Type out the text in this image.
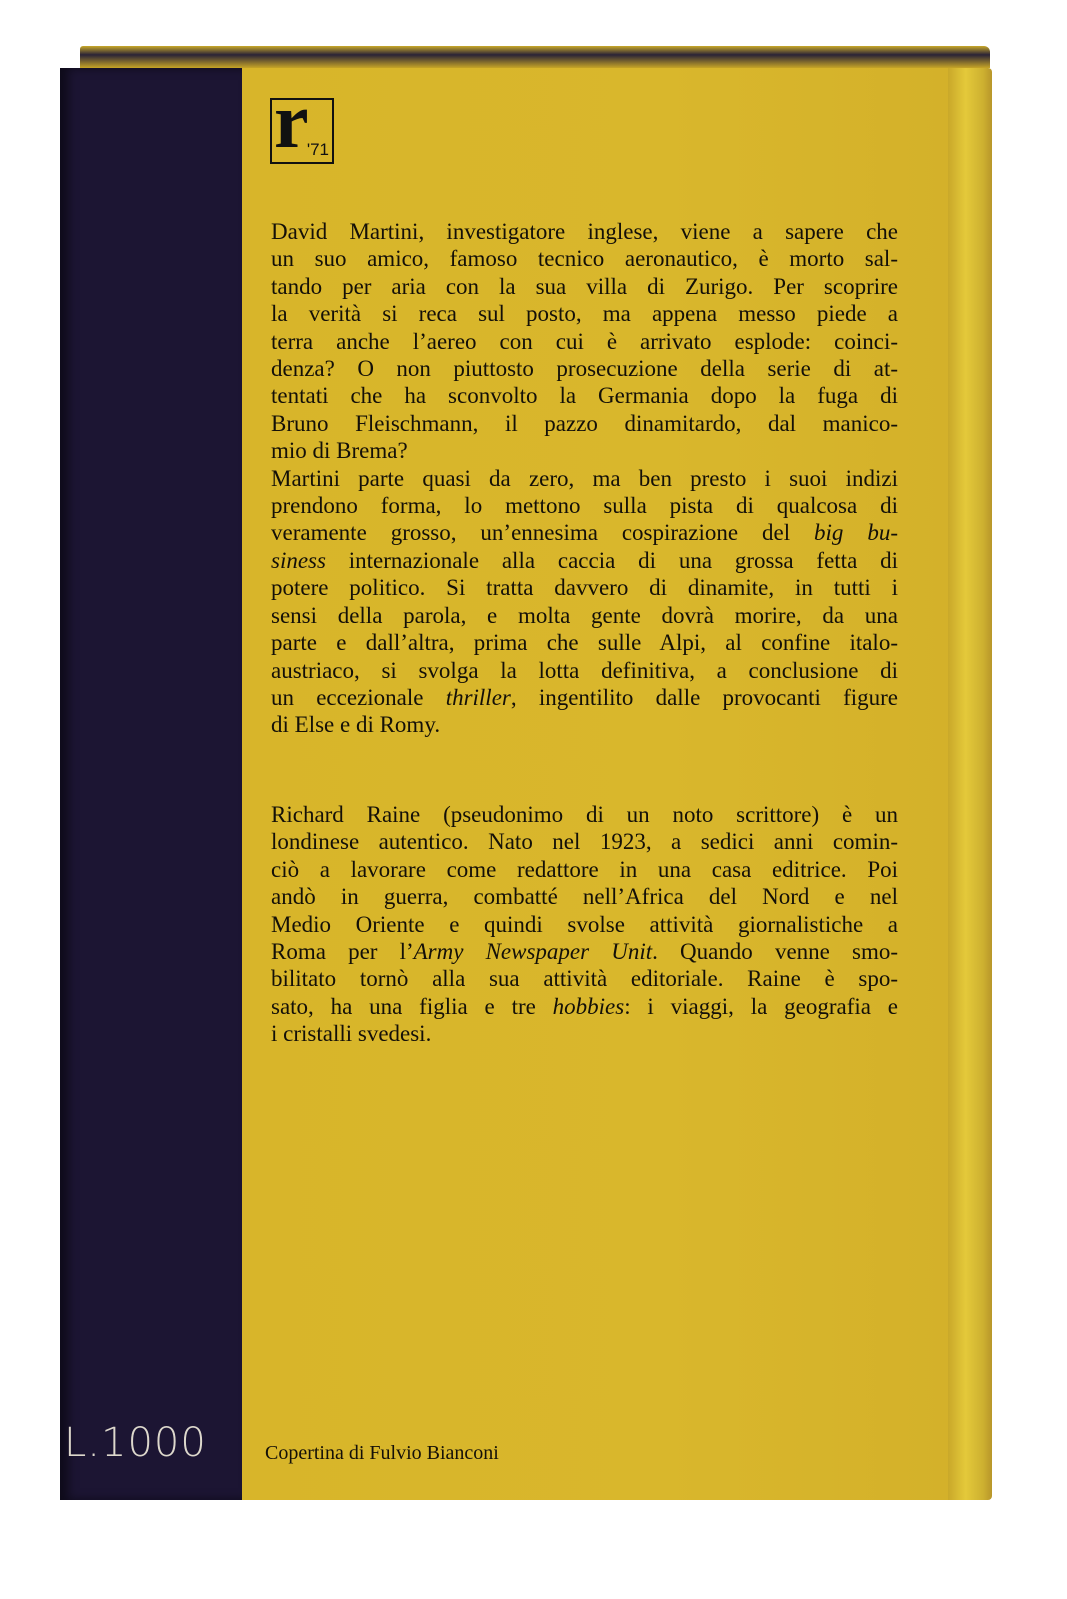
r
'71
David Martini, investigatore inglese, viene a sapere che
un suo amico, famoso tecnico aeronautico, è morto sal-
tando per aria con la sua villa di Zurigo. Per scoprire
la verità si reca sul posto, ma appena messo piede a
terra anche l’aereo con cui è arrivato esplode: coinci-
denza? O non piuttosto prosecuzione della serie di at-
tentati che ha sconvolto la Germania dopo la fuga di
Bruno Fleischmann, il pazzo dinamitardo, dal manico-
mio di Brema?
Martini parte quasi da zero, ma ben presto i suoi indizi
prendono forma, lo mettono sulla pista di qualcosa di
veramente grosso, un’ennesima cospirazione del big bu-
siness internazionale alla caccia di una grossa fetta di
potere politico. Si tratta davvero di dinamite, in tutti i
sensi della parola, e molta gente dovrà morire, da una
parte e dall’altra, prima che sulle Alpi, al confine italo-
austriaco, si svolga la lotta definitiva, a conclusione di
un eccezionale thriller, ingentilito dalle provocanti figure
di Else e di Romy.
Richard Raine (pseudonimo di un noto scrittore) è un
londinese autentico. Nato nel 1923, a sedici anni comin-
ciò a lavorare come redattore in una casa editrice. Poi
andò in guerra, combatté nell’Africa del Nord e nel
Medio Oriente e quindi svolse attività giornalistiche a
Roma per l’Army Newspaper Unit. Quando venne smo-
bilitato tornò alla sua attività editoriale. Raine è spo-
sato, ha una figlia e tre hobbies: i viaggi, la geografia e
i cristalli svedesi.
L.1000	Copertina di Fulvio Bianconi
